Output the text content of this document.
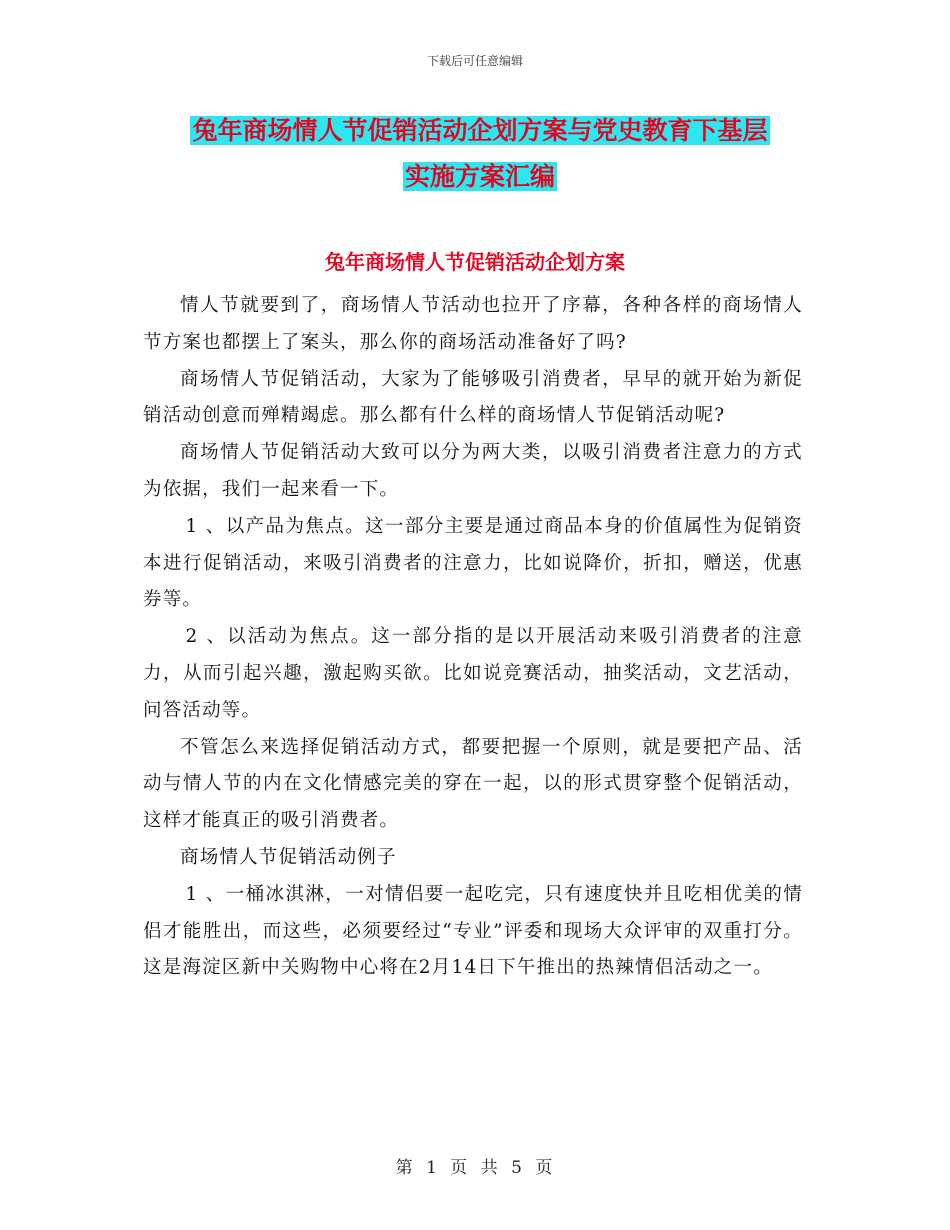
下载后可任意编辑
兔年商场情人节促销活动企划方案与党史教育下基层
实施方案汇编
兔年商场情人节促销活动企划方案

情人节就要到了，商场情人节活动也拉开了序幕，各种各样的商场情人节方案也都摆上了案头，那么你的商场活动准备好了吗?

商场情人节促销活动，大家为了能够吸引消费者，早早的就开始为新促销活动创意而殚精竭虑。那么都有什么样的商场情人节促销活动呢?

商场情人节促销活动大致可以分为两大类，以吸引消费者注意力的方式为依据，我们一起来看一下。

1 、以产品为焦点。这一部分主要是通过商品本身的价值属性为促销资本进行促销活动，来吸引消费者的注意力，比如说降价，折扣，赠送，优惠券等。

2 、以活动为焦点。这一部分指的是以开展活动来吸引消费者的注意力，从而引起兴趣，激起购买欲。比如说竞赛活动，抽奖活动，文艺活动，问答活动等。

不管怎么来选择促销活动方式，都要把握一个原则，就是要把产品、活动与情人节的内在文化情感完美的穿在一起，以的形式贯穿整个促销活动，这样才能真正的吸引消费者。

商场情人节促销活动例子

1 、一桶冰淇淋，一对情侣要一起吃完，只有速度快并且吃相优美的情侣才能胜出，而这些，必须要经过“专业”评委和现场大众评审的双重打分。这是海淀区新中关购物中心将在2月14日下午推出的热辣情侣活动之一。

第 1 页 共 5 页
